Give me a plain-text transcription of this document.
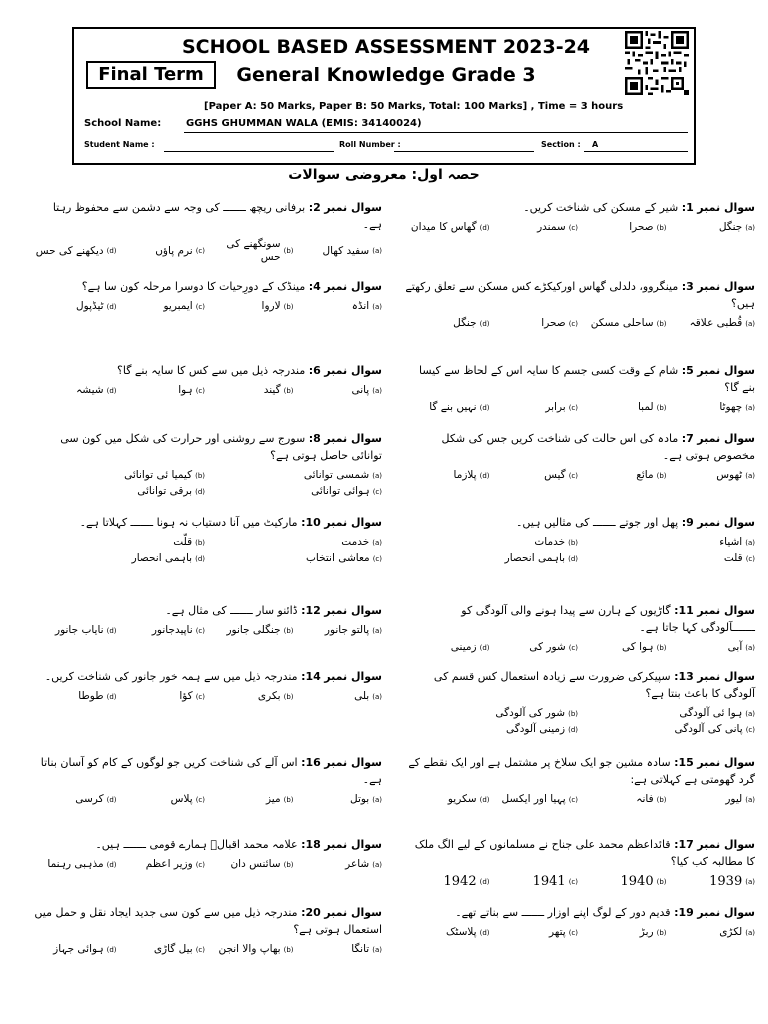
SCHOOL BASED ASSESSMENT 2023-24
General Knowledge Grade 3
Final Term
[Paper A: 50 Marks, Paper B: 50 Marks, Total: 100 Marks] , Time = 3 hours
School Name: GGHS GHUMMAN WALA (EMIS: 34140024)
Student Name :	Roll Number :	Section : A
حصہ اول: معروضی سوالات
سوال نمبر 1: شیر کے مسکن کی شناخت کریں۔
(a)
جنگل
(b)
صحرا
(c)
سمندر
(d)
گھاس کا میدان
سوال نمبر 2: برفانی ریچھ ـــــــ کی وجہ سے دشمن سے محفوظ رہتا ہے۔
(a)
سفید کھال
(b)
سونگھنے کی حس
(c)
نرم پاؤں
(d)
دیکھنے کی حس
سوال نمبر 3: مینگروو، دلدلی گھاس اورکیکڑے کس مسکن سے تعلق رکھتے ہیں؟
(a)
قُطبی علاقہ
(b)
ساحلی مسکن
(c)
صحرا
(d)
جنگل
سوال نمبر 4: مینڈک کے دورِحیات کا دوسرا مرحلہ کون سا ہے؟
(a)
انڈہ
(b)
لاروا
(c)
ایمبریو
(d)
ٹیڈپول
سوال نمبر 5: شام کے وقت کسی جسم کا سایہ اس کے لحاظ سے کیسا بنے گا؟
(a)
چھوٹا
(b)
لمبا
(c)
برابر
(d)
نہیں بنے گا
سوال نمبر 6: مندرجہ ذیل میں سے کس کا سایہ بنے گا؟
(a)
پانی
(b)
گیند
(c)
ہوا
(d)
شیشہ
سوال نمبر 7: مادہ کی اس حالت کی شناخت کریں جس کی شکل مخصوص ہوتی ہے۔
(a)
ٹھوس
(b)
مائع
(c)
گیس
(d)
پلازما
سوال نمبر 8: سورج سے روشنی اور حرارت کی شکل میں کون سی توانائی حاصل ہوتی ہے؟
(a)
شمسی توانائی
(b)
کیمیا ئی توانائی
(c)
ہوائی توانائی
(d)
برقی توانائی
سوال نمبر 9: پھل اور جوتے ـــــــ کی مثالیں ہیں۔
(a)
اشیاء
(b)
خدمات
(c)
قلت
(d)
باہمی انحصار
سوال نمبر 10: مارکیٹ میں آنا دستیاب نہ ہونا ـــــــ کہلاتا ہے۔
(a)
خدمت
(b)
قلّت
(c)
معاشی انتخاب
(d)
باہمی انحصار
سوال نمبر 11: گاڑیوں کے ہارن سے پیدا ہونے والی آلودگی کو ـــــــآلودگی کہا جاتا ہے۔
(a)
آبی
(b)
ہوا کی
(c)
شور کی
(d)
زمینی
سوال نمبر 12: ڈائنو سار ـــــــ کی مثال ہے۔
(a)
پالتو جانور
(b)
جنگلی جانور
(c)
ناپیدجانور
(d)
نایاب جانور
سوال نمبر 13: سپیکرکی ضرورت سے زیادہ استعمال کس قسم کی آلودگی کا باعث بنتا ہے؟
(a)
ہوا ئی آلودگی
(b)
شور کی آلودگی
(c)
پانی کی آلودگی
(d)
زمینی آلودگی
سوال نمبر 14: مندرجہ ذیل میں سے ہمہ خور جانور کی شناخت کریں۔
(a)
بلی
(b)
بکری
(c)
کؤا
(d)
طوطا
سوال نمبر 15: سادہ مشین جو ایک سلاخ پر مشتمل ہے اور ایک نقطے کے گرد گھومتی ہے کہلاتی ہے:
(a)
لیور
(b)
فانہ
(c)
پہیا اور ایکسل
(d)
سکریو
سوال نمبر 16: اس آلے کی شناخت کریں جو لوگوں کے کام کو آسان بناتا ہے۔
(a)
بوتل
(b)
میز
(c)
پلاس
(d)
کرسی
سوال نمبر 17: قائداعظم محمد علی جناح نے مسلمانوں کے لیے الگ ملک کا مطالبہ کب کیا؟
(a)
1939
(b)
1940
(c)
1941
(d)
1942
سوال نمبر 18: علامہ محمد اقبالؒ ہمارے قومی ـــــــ ہیں۔
(a)
شاعر
(b)
سائنس دان
(c)
وزیر اعظم
(d)
مذہبی رہنما
سوال نمبر 19: قدیم دور کے لوگ اپنے اوزار ـــــــ سے بناتے تھے۔
(a)
لکڑی
(b)
ربڑ
(c)
پتھر
(d)
پلاسٹک
سوال نمبر 20: مندرجہ ذیل میں سے کون سی جدید ایجاد نقل و حمل میں استعمال ہوتی ہے؟
(a)
تانگا
(b)
بھاپ والا انجن
(c)
بیل گاڑی
(d)
ہوائی جہاز
